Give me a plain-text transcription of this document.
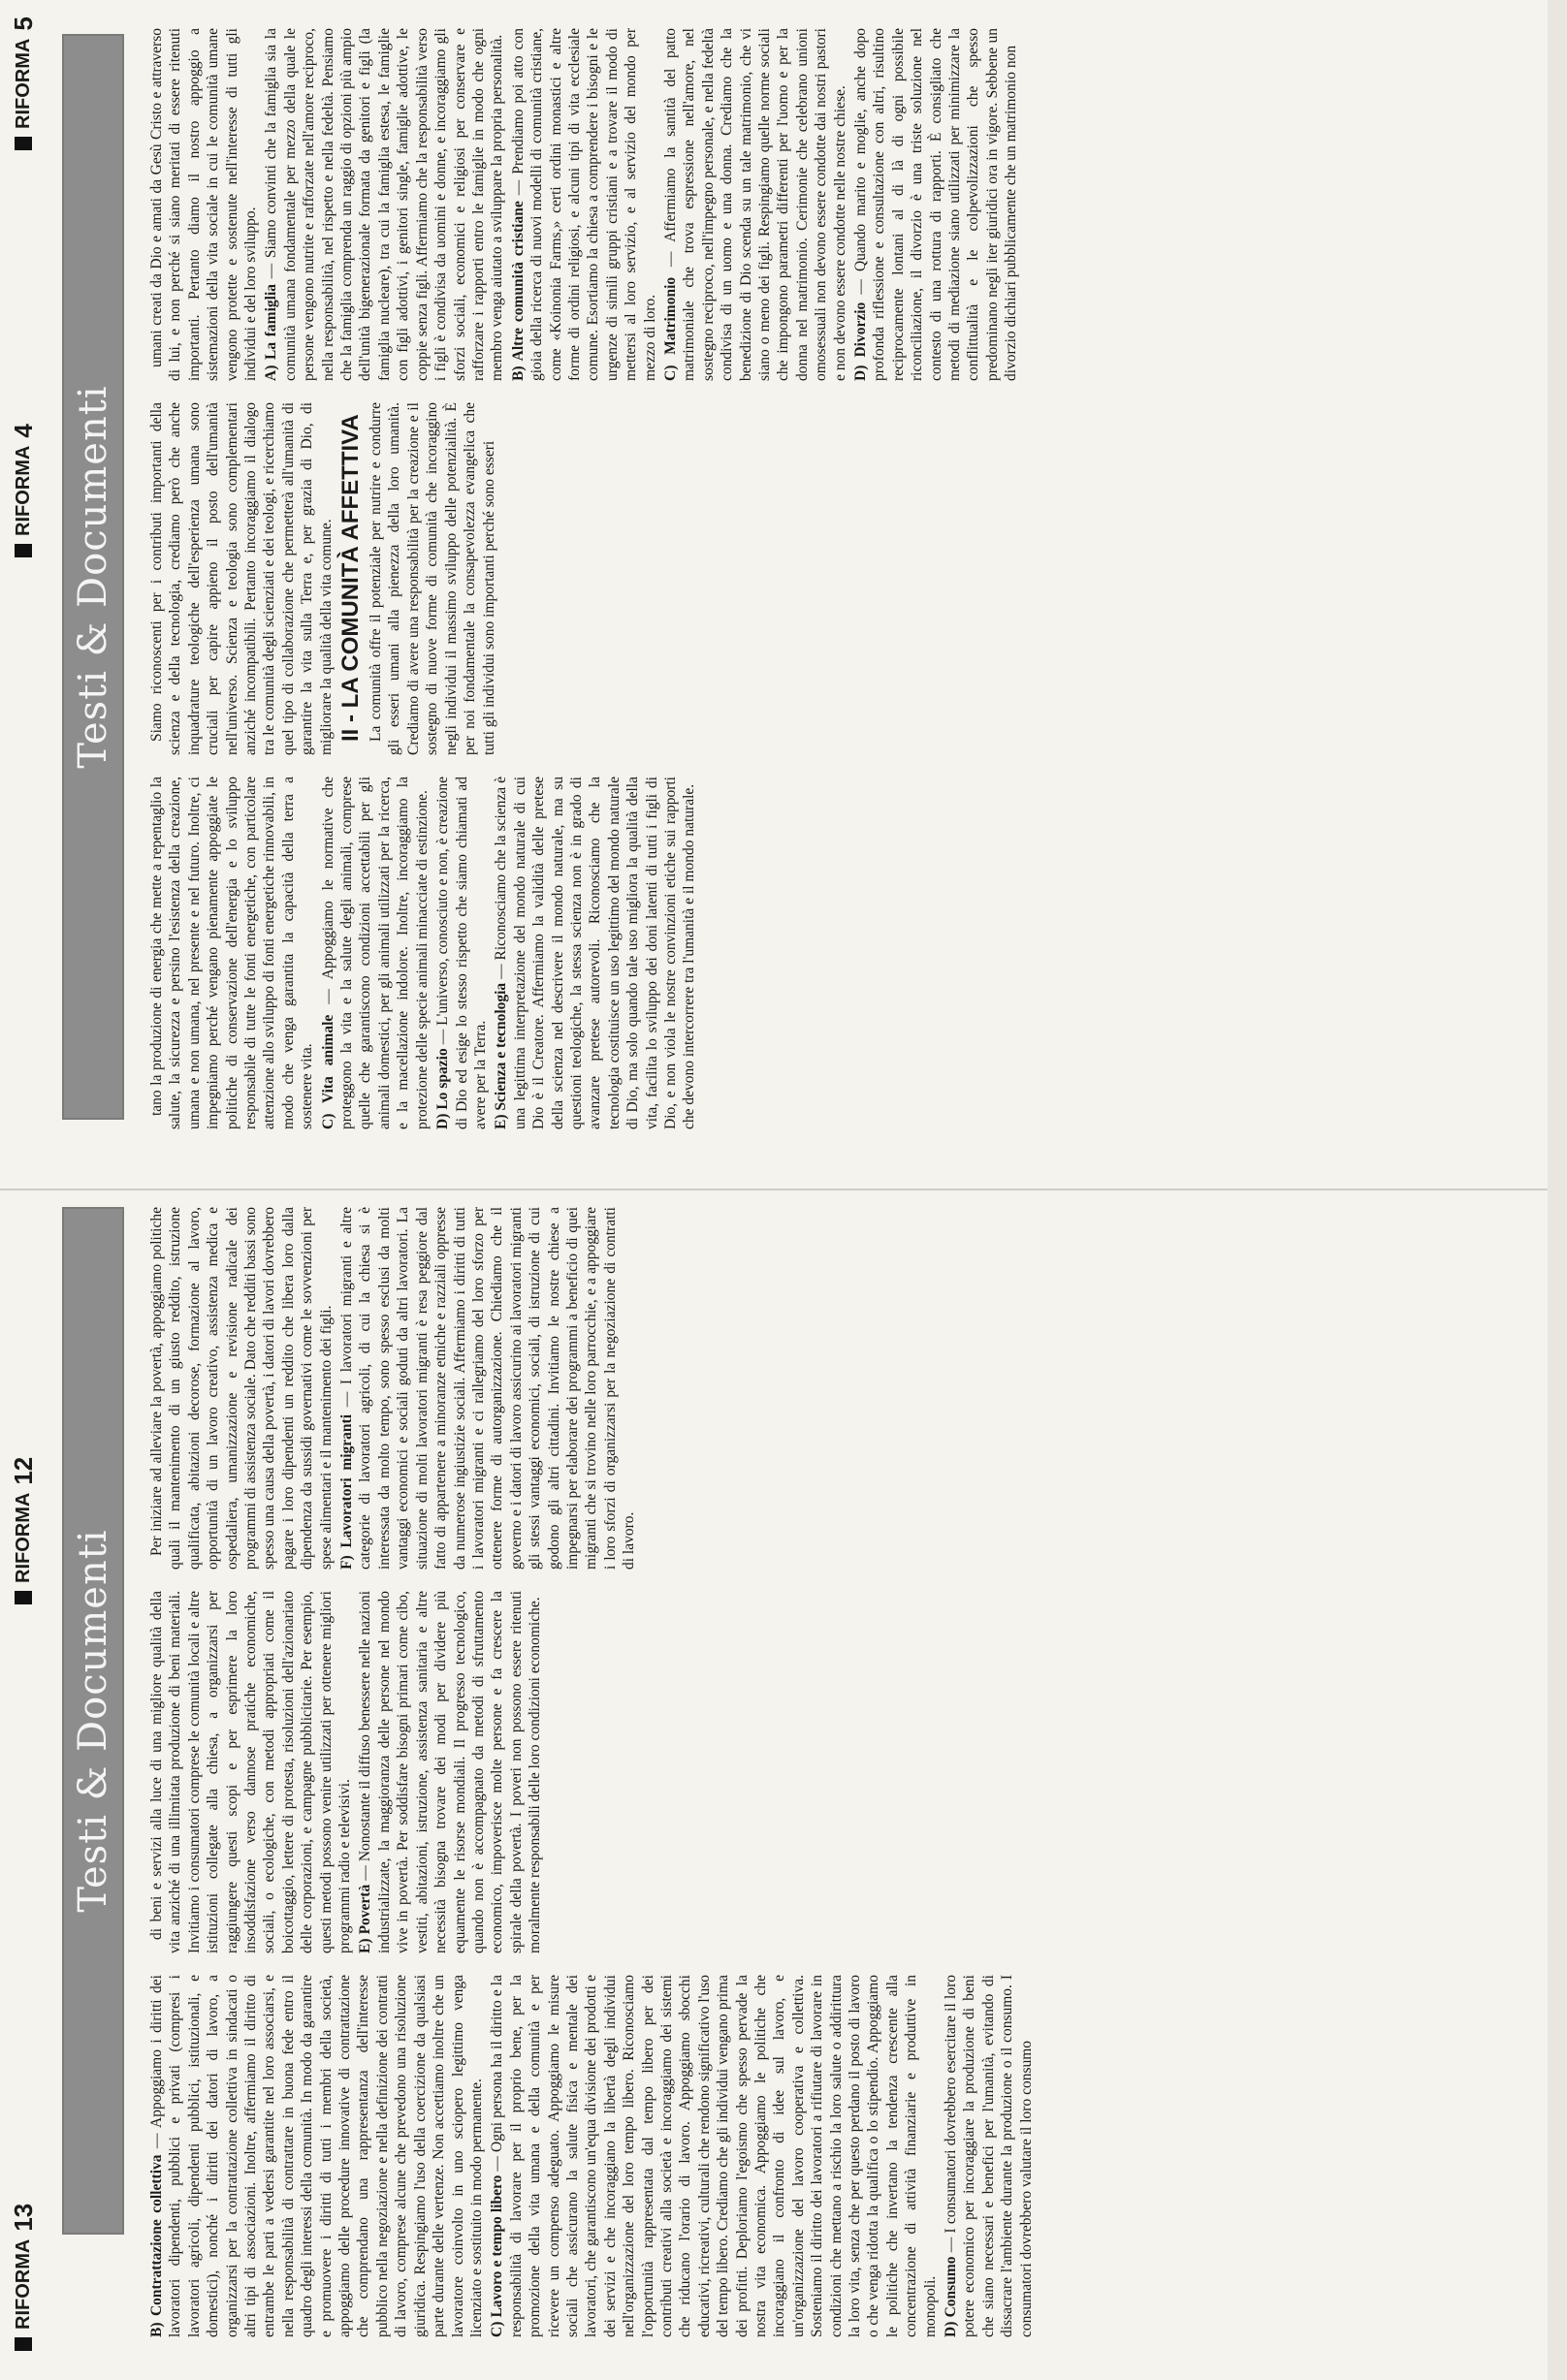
RIFORMA
13
RIFORMA
12
RIFORMA
4
RIFORMA
5
Testi & Documenti
Testi & Documenti

B) Contrattazione collettiva — Appoggiamo i diritti dei lavoratori dipendenti, pubblici e privati (compresi i lavoratori agricoli, dipendenti pubblici, istituzionali, e domestici), nonché i diritti dei datori di lavoro, a organizzarsi per la contrattazione collettiva in sindacati o altri tipi di associazioni. Inoltre, affermiamo il diritto di entrambe le parti a vedersi garantite nel loro associarsi, e nella responsabilità di contrattare in buona fede entro il quadro degli interessi della comunità. In modo da garantire e promuovere i diritti di tutti i membri della società, appoggiamo delle procedure innovative di contrattazione che comprendano una rappresentanza dell'interesse pubblico nella negoziazione e nella definizione dei contratti di lavoro, comprese alcune che prevedono una risoluzione giuridica. Respingiamo l'uso della coercizione da qualsiasi parte durante delle vertenze. Non accettiamo inoltre che un lavoratore coinvolto in uno sciopero legittimo venga licenziato e sostituito in modo permanente. C) Lavoro e tempo libero — Ogni persona ha il diritto e la responsabilità di lavorare per il proprio bene, per la promozione della vita umana e della comunità e per ricevere un compenso adeguato. Appoggiamo le misure sociali che assicurano la salute fisica e mentale dei lavoratori, che garantiscono un'equa divisione dei prodotti e dei servizi e che incoraggiano la libertà degli individui nell'organizzazione del loro tempo libero. Riconosciamo l'opportunità rappresentata dal tempo libero per dei contributi creativi alla società e incoraggiamo dei sistemi che riducano l'orario di lavoro. Appoggiamo sbocchi educativi, ricreativi, culturali che rendono significativo l'uso del tempo libero. Crediamo che gli individui vengano prima dei profitti. Deploriamo l'egoismo che spesso pervade la nostra vita economica. Appoggiamo le politiche che incoraggiano il confronto di idee sul lavoro, e un'organizzazione del lavoro cooperativa e collettiva. Sosteniamo il diritto dei lavoratori a rifiutare di lavorare in condizioni che mettano a rischio la loro salute o addirittura la loro vita, senza che per questo perdano il posto di lavoro o che venga ridotta la qualifica o lo stipendio. Appoggiamo le politiche che invertano la tendenza crescente alla concentrazione di attività finanziarie e produttive in monopoli. D) Consumo — I consumatori dovrebbero esercitare il loro potere economico per incoraggiare la produzione di beni che siano necessari e benefici per l'umanità, evitando di dissacrare l'ambiente durante la produzione o il consumo. I consumatori dovrebbero valutare il loro consumo

di beni e servizi alla luce di una migliore qualità della vita anziché di una illimitata produzione di beni materiali. Invitiamo i consumatori comprese le comunità locali e altre istituzioni collegate alla chiesa, a organizzarsi per raggiungere questi scopi e per esprimere la loro insoddisfazione verso dannose pratiche economiche, sociali, o ecologiche, con metodi appropriati come il boicottaggio, lettere di protesta, risoluzioni dell'azionariato delle corporazioni, e campagne pubblicitarie. Per esempio, questi metodi possono venire utilizzati per ottenere migliori programmi radio e televisivi. E) Povertà — Nonostante il diffuso benessere nelle nazioni industrializzate, la maggioranza delle persone nel mondo vive in povertà. Per soddisfare bisogni primari come cibo, vestiti, abitazioni, istruzione, assistenza sanitaria e altre necessità bisogna trovare dei modi per dividere più equamente le risorse mondiali. Il progresso tecnologico, quando non è accompagnato da metodi di sfruttamento economico, impoverisce molte persone e fa crescere la spirale della povertà. I poveri non possono essere ritenuti moralmente responsabili delle loro condizioni economiche.

Per iniziare ad alleviare la povertà, appoggiamo politiche quali il mantenimento di un giusto reddito, istruzione qualificata, abitazioni decorose, formazione al lavoro, opportunità di un lavoro creativo, assistenza medica e ospedaliera, umanizzazione e revisione radicale dei programmi di assistenza sociale. Dato che redditi bassi sono spesso una causa della povertà, i datori di lavori dovrebbero pagare i loro dipendenti un reddito che libera loro dalla dipendenza da sussidi governativi come le sovvenzioni per spese alimentari e il mantenimento dei figli. F) Lavoratori migranti — I lavoratori migranti e altre categorie di lavoratori agricoli, di cui la chiesa si è interessata da molto tempo, sono spesso esclusi da molti vantaggi economici e sociali goduti da altri lavoratori. La situazione di molti lavoratori migranti è resa peggiore dal fatto di appartenere a minoranze etniche e razziali oppresse da numerose ingiustizie sociali. Affermiamo i diritti di tutti i lavoratori migranti e ci rallegriamo del loro sforzo per ottenere forme di autorganizzazione. Chiediamo che il governo e i datori di lavoro assicurino ai lavoratori migranti gli stessi vantaggi economici, sociali, di istruzione di cui godono gli altri cittadini. Invitiamo le nostre chiese a impegnarsi per elaborare dei programmi a beneficio di quei migranti che si trovino nelle loro parrocchie, e a appoggiare i loro sforzi di organizzarsi per la negoziazione di contratti di lavoro.

tano la produzione di energia che mette a repentaglio la salute, la sicurezza e persino l'esistenza della creazione, umana e non umana, nel presente e nel futuro. Inoltre, ci impegniamo perché vengano pienamente appoggiate le politiche di conservazione dell'energia e lo sviluppo responsabile di tutte le fonti energetiche, con particolare attenzione allo sviluppo di fonti energetiche rinnovabili, in modo che venga garantita la capacità della terra a sostenere vita. C) Vita animale — Appoggiamo le normative che proteggono la vita e la salute degli animali, comprese quelle che garantiscono condizioni accettabili per gli animali domestici, per gli animali utilizzati per la ricerca, e la macellazione indolore. Inoltre, incoraggiamo la protezione delle specie animali minacciate di estinzione. D) Lo spazio — L'universo, conosciuto e non, è creazione di Dio ed esige lo stesso rispetto che siamo chiamati ad avere per la Terra. E) Scienza e tecnologia — Riconosciamo che la scienza è una legittima interpretazione del mondo naturale di cui Dio è il Creatore. Affermiamo la validità delle pretese della scienza nel descrivere il mondo naturale, ma su questioni teologiche, la stessa scienza non è in grado di avanzare pretese autorevoli. Riconosciamo che la tecnologia costituisce un uso legittimo del mondo naturale di Dio, ma solo quando tale uso migliora la qualità della vita, facilita lo sviluppo dei doni latenti di tutti i figli di Dio, e non viola le nostre convinzioni etiche sui rapporti che devono intercorrere tra l'umanità e il mondo naturale.

Siamo riconoscenti per i contributi importanti della scienza e della tecnologia, crediamo però che anche inquadrature teologiche dell'esperienza umana sono cruciali per capire appieno il posto dell'umanità nell'universo. Scienza e teologia sono complementari anziché incompatibili. Pertanto incoraggiamo il dialogo tra le comunità degli scienziati e dei teologi, e ricerchiamo quel tipo di collaborazione che permetterà all'umanità di garantire la vita sulla Terra e, per grazia di Dio, di migliorare la qualità della vita comune. II - LA COMUNITÀ AFFETTIVA La comunità offre il potenziale per nutrire e condurre gli esseri umani alla pienezza della loro umanità. Crediamo di avere una responsabilità per la creazione e il sostegno di nuove forme di comunità che incoraggino negli individui il massimo sviluppo delle potenzialità. È per noi fondamentale la consapevolezza evangelica che tutti gli individui sono importanti perché sono esseri

umani creati da Dio e amati da Gesù Cristo e attraverso di lui, e non perché si siano meritati di essere ritenuti importanti. Pertanto diamo il nostro appoggio a sistemazioni della vita sociale in cui le comunità umane vengono protette e sostenute nell'interesse di tutti gli individui e del loro sviluppo. A) La famiglia — Siamo convinti che la famiglia sia la comunità umana fondamentale per mezzo della quale le persone vengono nutrite e rafforzate nell'amore reciproco, nella responsabilità, nel rispetto e nella fedeltà. Pensiamo che la famiglia comprenda un raggio di opzioni più ampio dell'unità bigenerazionale formata da genitori e figli (la famiglia nucleare), tra cui la famiglia estesa, le famiglie con figli adottivi, i genitori single, famiglie adottive, le coppie senza figli. Affermiamo che la responsabilità verso i figli è condivisa da uomini e donne, e incoraggiamo gli sforzi sociali, economici e religiosi per conservare e rafforzare i rapporti entro le famiglie in modo che ogni membro venga aiutato a sviluppare la propria personalità. B) Altre comunità cristiane — Prendiamo poi atto con gioia della ricerca di nuovi modelli di comunità cristiane, come «Koinonia Farms,» certi ordini monastici e altre forme di ordini religiosi, e alcuni tipi di vita ecclesiale comune. Esortiamo la chiesa a comprendere i bisogni e le urgenze di simili gruppi cristiani e a trovare il modo di mettersi al loro servizio, e al servizio del mondo per mezzo di loro. C) Matrimonio — Affermiamo la santità del patto matrimoniale che trova espressione nell'amore, nel sostegno reciproco, nell'impegno personale, e nella fedeltà condivisa di un uomo e una donna. Crediamo che la benedizione di Dio scenda su un tale matrimonio, che vi siano o meno dei figli. Respingiamo quelle norme sociali che impongono parametri differenti per l'uomo e per la donna nel matrimonio. Cerimonie che celebrano unioni omosessuali non devono essere condotte dai nostri pastori e non devono essere condotte nelle nostre chiese. D) Divorzio — Quando marito e moglie, anche dopo profonda riflessione e consultazione con altri, risultino reciprocamente lontani al di là di ogni possibile riconciliazione, il divorzio è una triste soluzione nel contesto di una rottura di rapporti. È consigliato che metodi di mediazione siano utilizzati per minimizzare la conflittualità e le colpevolizzazioni che spesso predominano negli iter giuridici ora in vigore. Sebbene un divorzio dichiari pubblicamente che un matrimonio non
